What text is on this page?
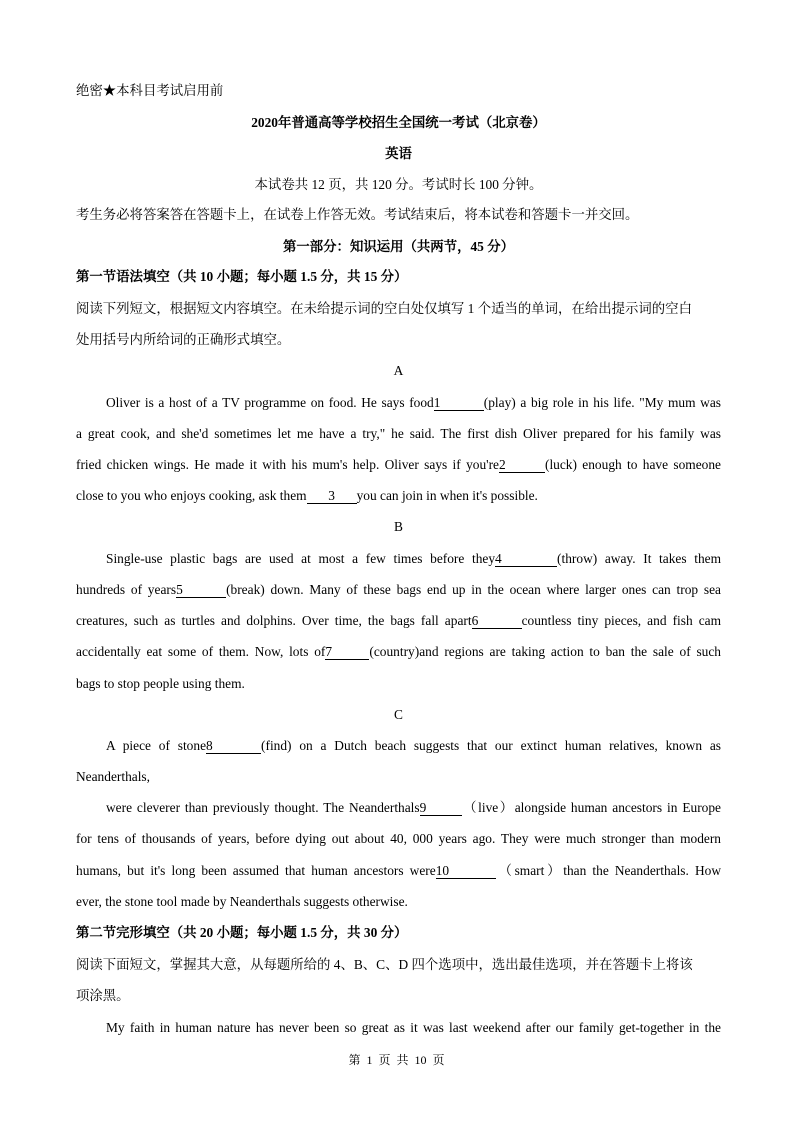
绝密★本科目考试启用前
2020年普通高等学校招生全国统一考试（北京卷）
英语
本试卷共 12 页，共 120 分。考试时长 100 分钟。
考生务必将答案答在答题卡上，在试卷上作答无效。考试结束后，将本试卷和答题卡一并交回。
第一部分：知识运用（共两节，45 分）
第一节语法填空（共 10 小题；每小题 1.5 分，共 15 分）
阅读下列短文，根据短文内容填空。在未给提示词的空白处仅填写 1 个适当的单词，在给出提示词的空白
处用括号内所给词的正确形式填空。
A
Oliver is a host of a TV programme on food. He says food1	(play) a big role in his life. "My mum was
a great cook, and she'd sometimes let me have a try," he said. The first dish Oliver prepared for his family was
fried chicken wings. He made it with his mum's help. Oliver says if you're2	(luck) enough to have someone
close to you who enjoys cooking, ask them 3 you can join in when it's possible.
B
Single-use plastic bags are used at most a few times before they4	(throw) away. It takes them
hundreds of years5	(break) down. Many of these bags end up in the ocean where larger ones can trop sea
creatures, such as turtles and dolphins. Over time, the bags fall apart6	countless tiny pieces, and fish cam
accidentally eat some of them. Now, lots of7	(country)and regions are taking action to ban the sale of such
bags to stop people using them.
C
A piece of stone8	(find) on a Dutch beach suggests that our extinct human relatives, known as
Neanderthals,
were cleverer than previously thought. The Neanderthals9	（live）alongside human ancestors in Europe
for tens of thousands of years, before dying out about 40, 000 years ago. They were much stronger than modern
humans, but it's long been assumed that human ancestors were10	（smart）than the Neanderthals. How
ever, the stone tool made by Neanderthals suggests otherwise.
第二节完形填空（共 20 小题；每小题 1.5 分，共 30 分）
阅读下面短文，掌握其大意，从每题所给的 4、B、C、D 四个选项中，选出最佳选项，并在答题卡上将该
项涂黑。
My faith in human nature has never been so great as it was last weekend after our family get-together in the
第 1 页 共 10 页
